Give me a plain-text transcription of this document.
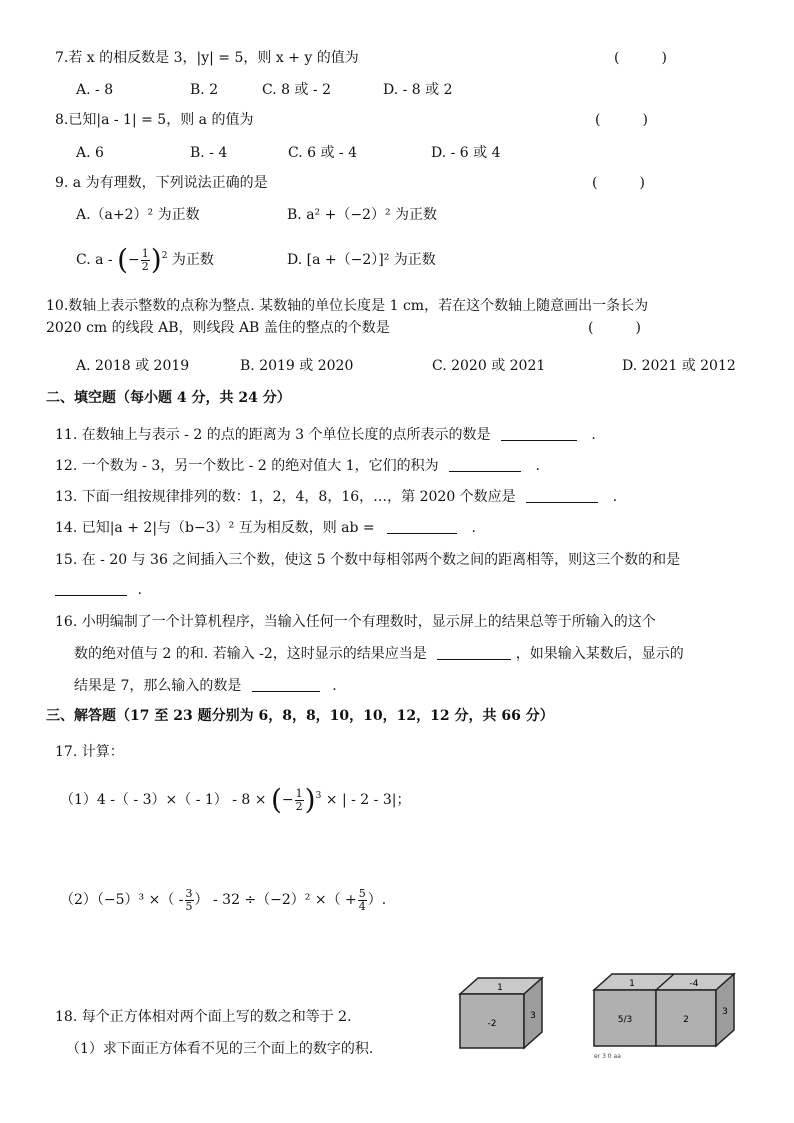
7.若 x 的相反数是 3，|y| = 5，则 x + y 的值为	(　　　)
A. - 8	B. 2	C. 8 或 - 2	D. - 8 或 2
8.已知|a - 1| = 5，则 a 的值为	(　　　)
A. 6	B. - 4	C. 6 或 - 4	D. - 6 或 4
9. a 为有理数，下列说法正确的是	(　　　)
A.（a+2）² 为正数	B. a² +（−2）² 为正数
C. a - (− $\frac{1}{2} )^2$ 为正数	D. [a +（−2）]² 为正数
10.数轴上表示整数的点称为整点. 某数轴的单位长度是 1 cm，若在这个数轴上随意画出一条长为
2020 cm 的线段 AB，则线段 AB 盖住的整点的个数是	(　　　)
A. 2018 或 2019	B. 2019 或 2020	C. 2020 或 2021	D. 2021 或 2012
二、填空题（每小题 4 分，共 24 分）
11. 在数轴上与表示 - 2 的点的距离为 3 个单位长度的点所表示的数是	.
12. 一个数为 - 3，另一个数比 - 2 的绝对值大 1，它们的积为	.
13. 下面一组按规律排列的数：1，2，4，8，16，…，第 2020 个数应是	.
14. 已知|a + 2|与（b−3）² 互为相反数，则 ab =	.
15. 在 - 20 与 36 之间插入三个数，使这 5 个数中每相邻两个数之间的距离相等，则这三个数的和是
.
16. 小明编制了一个计算机程序，当输入任何一个有理数时，显示屏上的结果总等于所输入的这个
数的绝对值与 2 的和. 若输入 -2，这时显示的结果应当是	，如果输入某数后，显示的
结果是 7，那么输入的数是	.
三、解答题（17 至 23 题分别为 6，8，8，10，10，12，12 分，共 66 分）
17. 计算：
（1）4 -（ - 3）×（ - 1） - 8 × (− $\frac{1}{2} )^3$ × | - 2 - 3|；
（2）（−5）³ ×（ - $\frac{3}{5}$ ） - 32 ÷（−2）² ×（ + $\frac{5}{4}$ ）.
18. 每个正方体相对两个面上写的数之和等于 2.
（1）求下面正方体看不见的三个面上的数字的积.
1
-2
3
1	-4
5/3	2
3
er 3 0 aa
